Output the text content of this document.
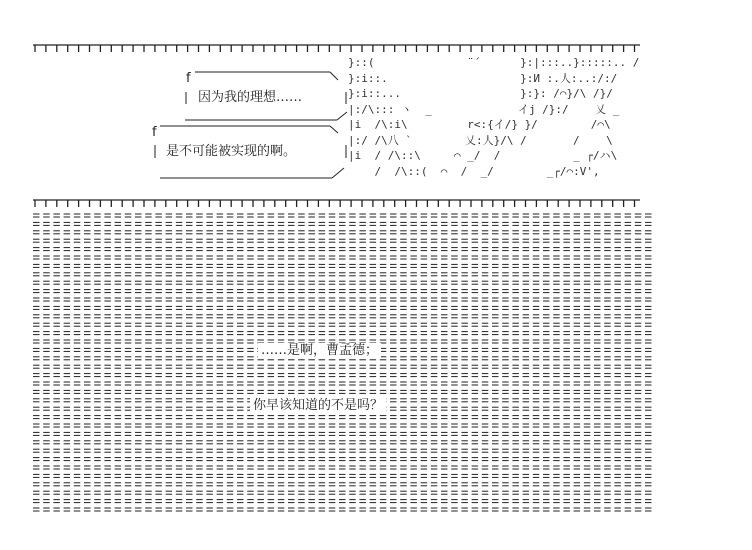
f
f
因为我的理想……
是不可能被实现的啊。
}::(              ¨´      }:|:::..}:::::.. /
}:i::.                    }:И :.人:..:/:/
}:i::...                  }:}: /⌒}/\ /}/
|:/\::: ヽ  _             イj /}:/    乂 _
|i  /\:i\         r<:{イ/} }/        /⌒\
|:/ /\八 `        乂:人}/\ /       /    \
|i  / /\::\     ⌒ _/  /           _ ┌/ハ\
/  /\::(  ⌒  /  _/        _┌/⌒:V',
……是啊，曹孟德；
你早该知道的不是吗？
